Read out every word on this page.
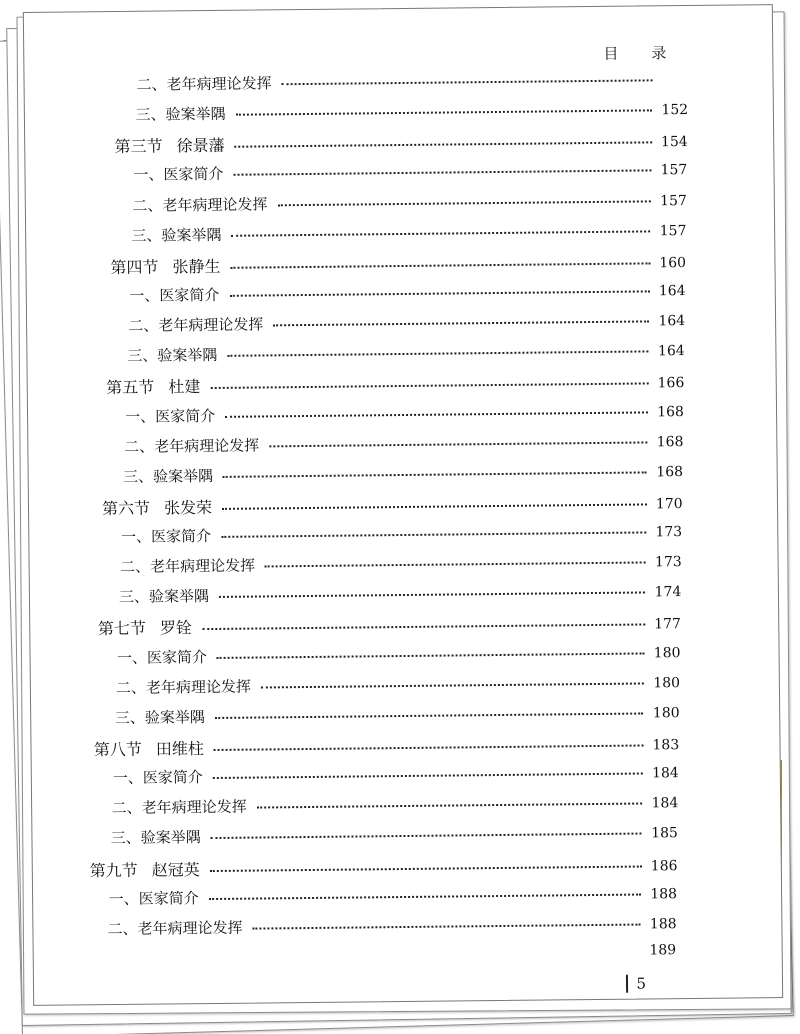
目 录
二、老年病理论发挥
三、验案举隅	152
第三节 徐景藩	154
一、医家简介	157
二、老年病理论发挥	157
三、验案举隅	157
第四节 张静生	160
一、医家简介	164
二、老年病理论发挥	164
三、验案举隅	164
第五节 杜建	166
一、医家简介	168
二、老年病理论发挥	168
三、验案举隅	168
第六节 张发荣	170
一、医家简介	173
二、老年病理论发挥	173
三、验案举隅	174
第七节 罗铨	177
一、医家简介	180
二、老年病理论发挥	180
三、验案举隅	180
第八节 田维柱	183
一、医家简介	184
二、老年病理论发挥	184
三、验案举隅	185
第九节 赵冠英	186
一、医家简介	188
二、老年病理论发挥	188
189
5
